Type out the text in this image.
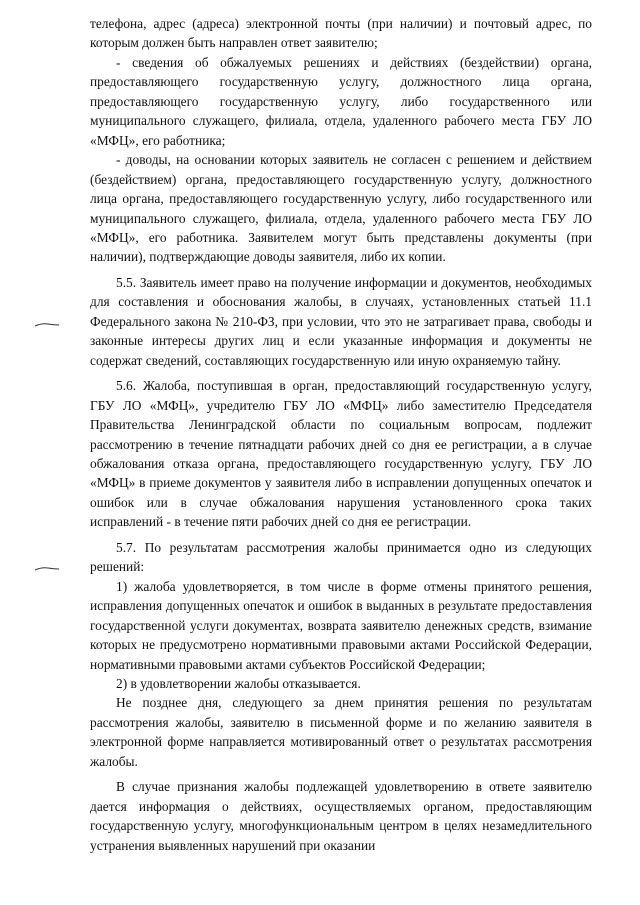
телефона, адрес (адреса) электронной почты (при наличии) и почтовый адрес, по которым должен быть направлен ответ заявителю;

- сведения об обжалуемых решениях и действиях (бездействии) органа, предоставляющего государственную услугу, должностного лица органа, предоставляющего государственную услугу, либо государственного или муниципального служащего, филиала, отдела, удаленного рабочего места ГБУ ЛО «МФЦ», его работника;

- доводы, на основании которых заявитель не согласен с решением и действием (бездействием) органа, предоставляющего государственную услугу, должностного лица органа, предоставляющего государственную услугу, либо государственного или муниципального служащего, филиала, отдела, удаленного рабочего места ГБУ ЛО «МФЦ», его работника. Заявителем могут быть представлены документы (при наличии), подтверждающие доводы заявителя, либо их копии.

5.5. Заявитель имеет право на получение информации и документов, необходимых для составления и обоснования жалобы, в случаях, установленных статьей 11.1 Федерального закона № 210-ФЗ, при условии, что это не затрагивает права, свободы и законные интересы других лиц и если указанные информация и документы не содержат сведений, составляющих государственную или иную охраняемую тайну.

5.6. Жалоба, поступившая в орган, предоставляющий государственную услугу, ГБУ ЛО «МФЦ», учредителю ГБУ ЛО «МФЦ» либо заместителю Председателя Правительства Ленинградской области по социальным вопросам, подлежит рассмотрению в течение пятнадцати рабочих дней со дня ее регистрации, а в случае обжалования отказа органа, предоставляющего государственную услугу, ГБУ ЛО «МФЦ» в приеме документов у заявителя либо в исправлении допущенных опечаток и ошибок или в случае обжалования нарушения установленного срока таких исправлений - в течение пяти рабочих дней со дня ее регистрации.

5.7. По результатам рассмотрения жалобы принимается одно из следующих решений:

1) жалоба удовлетворяется, в том числе в форме отмены принятого решения, исправления допущенных опечаток и ошибок в выданных в результате предоставления государственной услуги документах, возврата заявителю денежных средств, взимание которых не предусмотрено нормативными правовыми актами Российской Федерации, нормативными правовыми актами субъектов Российской Федерации;

2) в удовлетворении жалобы отказывается.

Не позднее дня, следующего за днем принятия решения по результатам рассмотрения жалобы, заявителю в письменной форме и по желанию заявителя в электронной форме направляется мотивированный ответ о результатах рассмотрения жалобы.

В случае признания жалобы подлежащей удовлетворению в ответе заявителю дается информация о действиях, осуществляемых органом, предоставляющим государственную услугу, многофункциональным центром в целях незамедлительного устранения выявленных нарушений при оказании
